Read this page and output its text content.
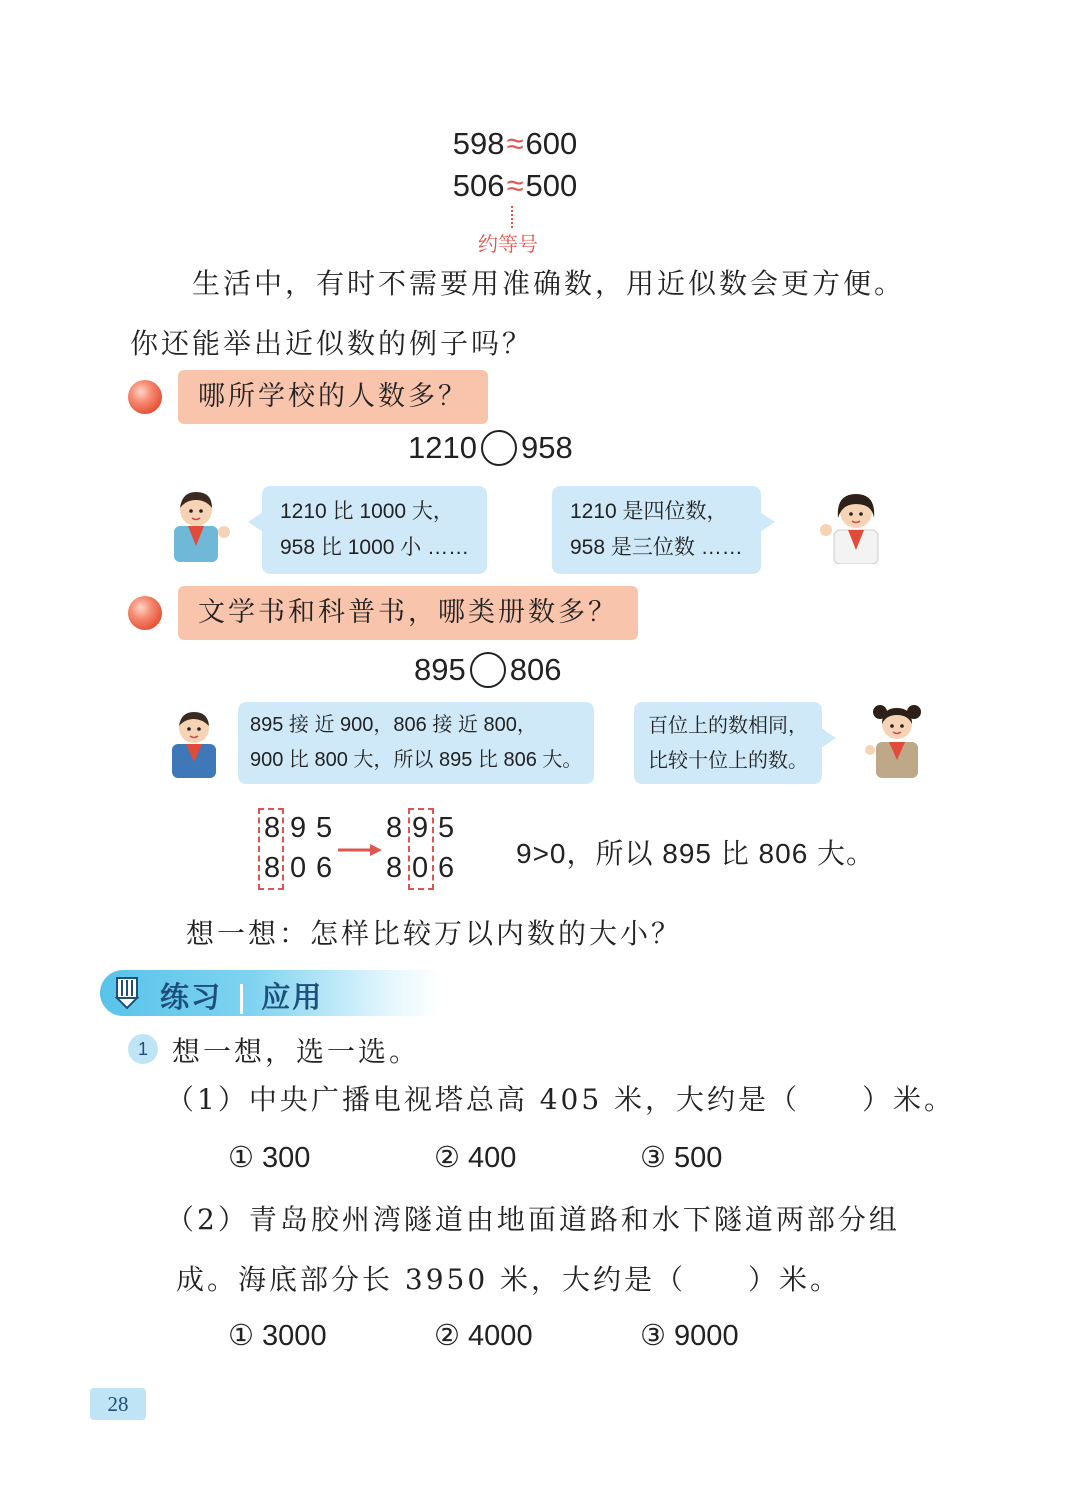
598≈600
506≈500
约等号
生活中，有时不需要用准确数，用近似数会更方便。
你还能举出近似数的例子吗？
哪所学校的人数多？
1210 958
1210 比 1000 大，
958 比 1000 小 ……
1210 是四位数，
958 是三位数 ……
文学书和科普书，哪类册数多？
895 806
895 接 近 900，806 接 近 800，
900 比 800 大，所以 895 比 806 大。
百位上的数相同，
比较十位上的数。
8 9 5
8 0 6
8 9 5
8 0 6 9>0，所以 895 比 806 大。
想一想：怎样比较万以内数的大小？
练习 应用
1 想一想，选一选。
（1）中央广播电视塔总高 405 米，大约是（　　）米。
① 300	② 400	③ 500
（2）青岛胶州湾隧道由地面道路和水下隧道两部分组
成。海底部分长 3950 米，大约是（　　）米。
① 3000	② 4000	③ 9000
28
